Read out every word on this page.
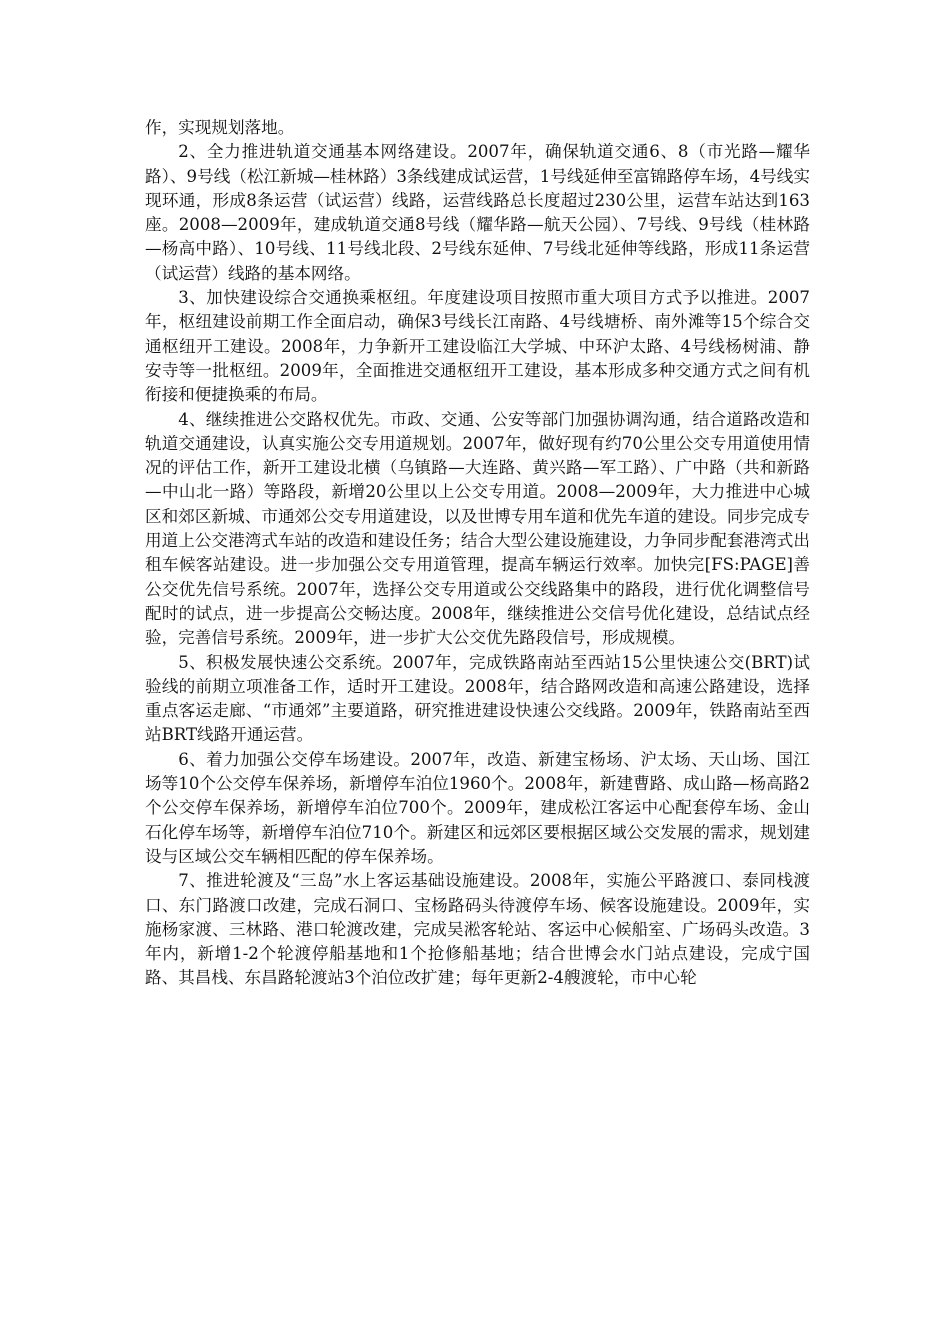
作，实现规划落地。

2、全力推进轨道交通基本网络建设。2007年，确保轨道交通6、8（市光路—耀华路）、9号线（松江新城—桂林路）3条线建成试运营，1号线延伸至富锦路停车场，4号线实现环通，形成8条运营（试运营）线路，运营线路总长度超过230公里，运营车站达到163座。2008—2009年，建成轨道交通8号线（耀华路—航天公园）、7号线、9号线（桂林路—杨高中路）、10号线、11号线北段、2号线东延伸、7号线北延伸等线路，形成11条运营（试运营）线路的基本网络。

3、加快建设综合交通换乘枢纽。年度建设项目按照市重大项目方式予以推进。2007年，枢纽建设前期工作全面启动，确保3号线长江南路、4号线塘桥、南外滩等15个综合交通枢纽开工建设。2008年，力争新开工建设临江大学城、中环沪太路、4号线杨树浦、静安寺等一批枢纽。2009年，全面推进交通枢纽开工建设，基本形成多种交通方式之间有机衔接和便捷换乘的布局。

4、继续推进公交路权优先。市政、交通、公安等部门加强协调沟通，结合道路改造和轨道交通建设，认真实施公交专用道规划。2007年，做好现有约70公里公交专用道使用情况的评估工作，新开工建设北横（乌镇路—大连路、黄兴路—军工路）、广中路（共和新路—中山北一路）等路段，新增20公里以上公交专用道。2008—2009年，大力推进中心城区和郊区新城、市通郊公交专用道建设，以及世博专用车道和优先车道的建设。同步完成专用道上公交港湾式车站的改造和建设任务；结合大型公建设施建设，力争同步配套港湾式出租车候客站建设。进一步加强公交专用道管理，提高车辆运行效率。加快完[FS:PAGE]善公交优先信号系统。2007年，选择公交专用道或公交线路集中的路段，进行优化调整信号配时的试点，进一步提高公交畅达度。2008年，继续推进公交信号优化建设，总结试点经验，完善信号系统。2009年，进一步扩大公交优先路段信号，形成规模。

5、积极发展快速公交系统。2007年，完成铁路南站至西站15公里快速公交(BRT)试验线的前期立项准备工作，适时开工建设。2008年，结合路网改造和高速公路建设，选择重点客运走廊、“市通郊”主要道路，研究推进建设快速公交线路。2009年，铁路南站至西站BRT线路开通运营。

6、着力加强公交停车场建设。2007年，改造、新建宝杨场、沪太场、天山场、国江场等10个公交停车保养场，新增停车泊位1960个。2008年，新建曹路、成山路—杨高路2个公交停车保养场，新增停车泊位700个。2009年，建成松江客运中心配套停车场、金山石化停车场等，新增停车泊位710个。新建区和远郊区要根据区域公交发展的需求，规划建设与区域公交车辆相匹配的停车保养场。

7、推进轮渡及“三岛”水上客运基础设施建设。2008年，实施公平路渡口、泰同栈渡口、东门路渡口改建，完成石洞口、宝杨路码头待渡停车场、候客设施建设。2009年，实施杨家渡、三林路、港口轮渡改建，完成吴淞客轮站、客运中心候船室、广场码头改造。3年内，新增1-2个轮渡停船基地和1个抢修船基地；结合世博会水门站点建设，完成宁国路、其昌栈、东昌路轮渡站3个泊位改扩建；每年更新2-4艘渡轮，市中心轮
